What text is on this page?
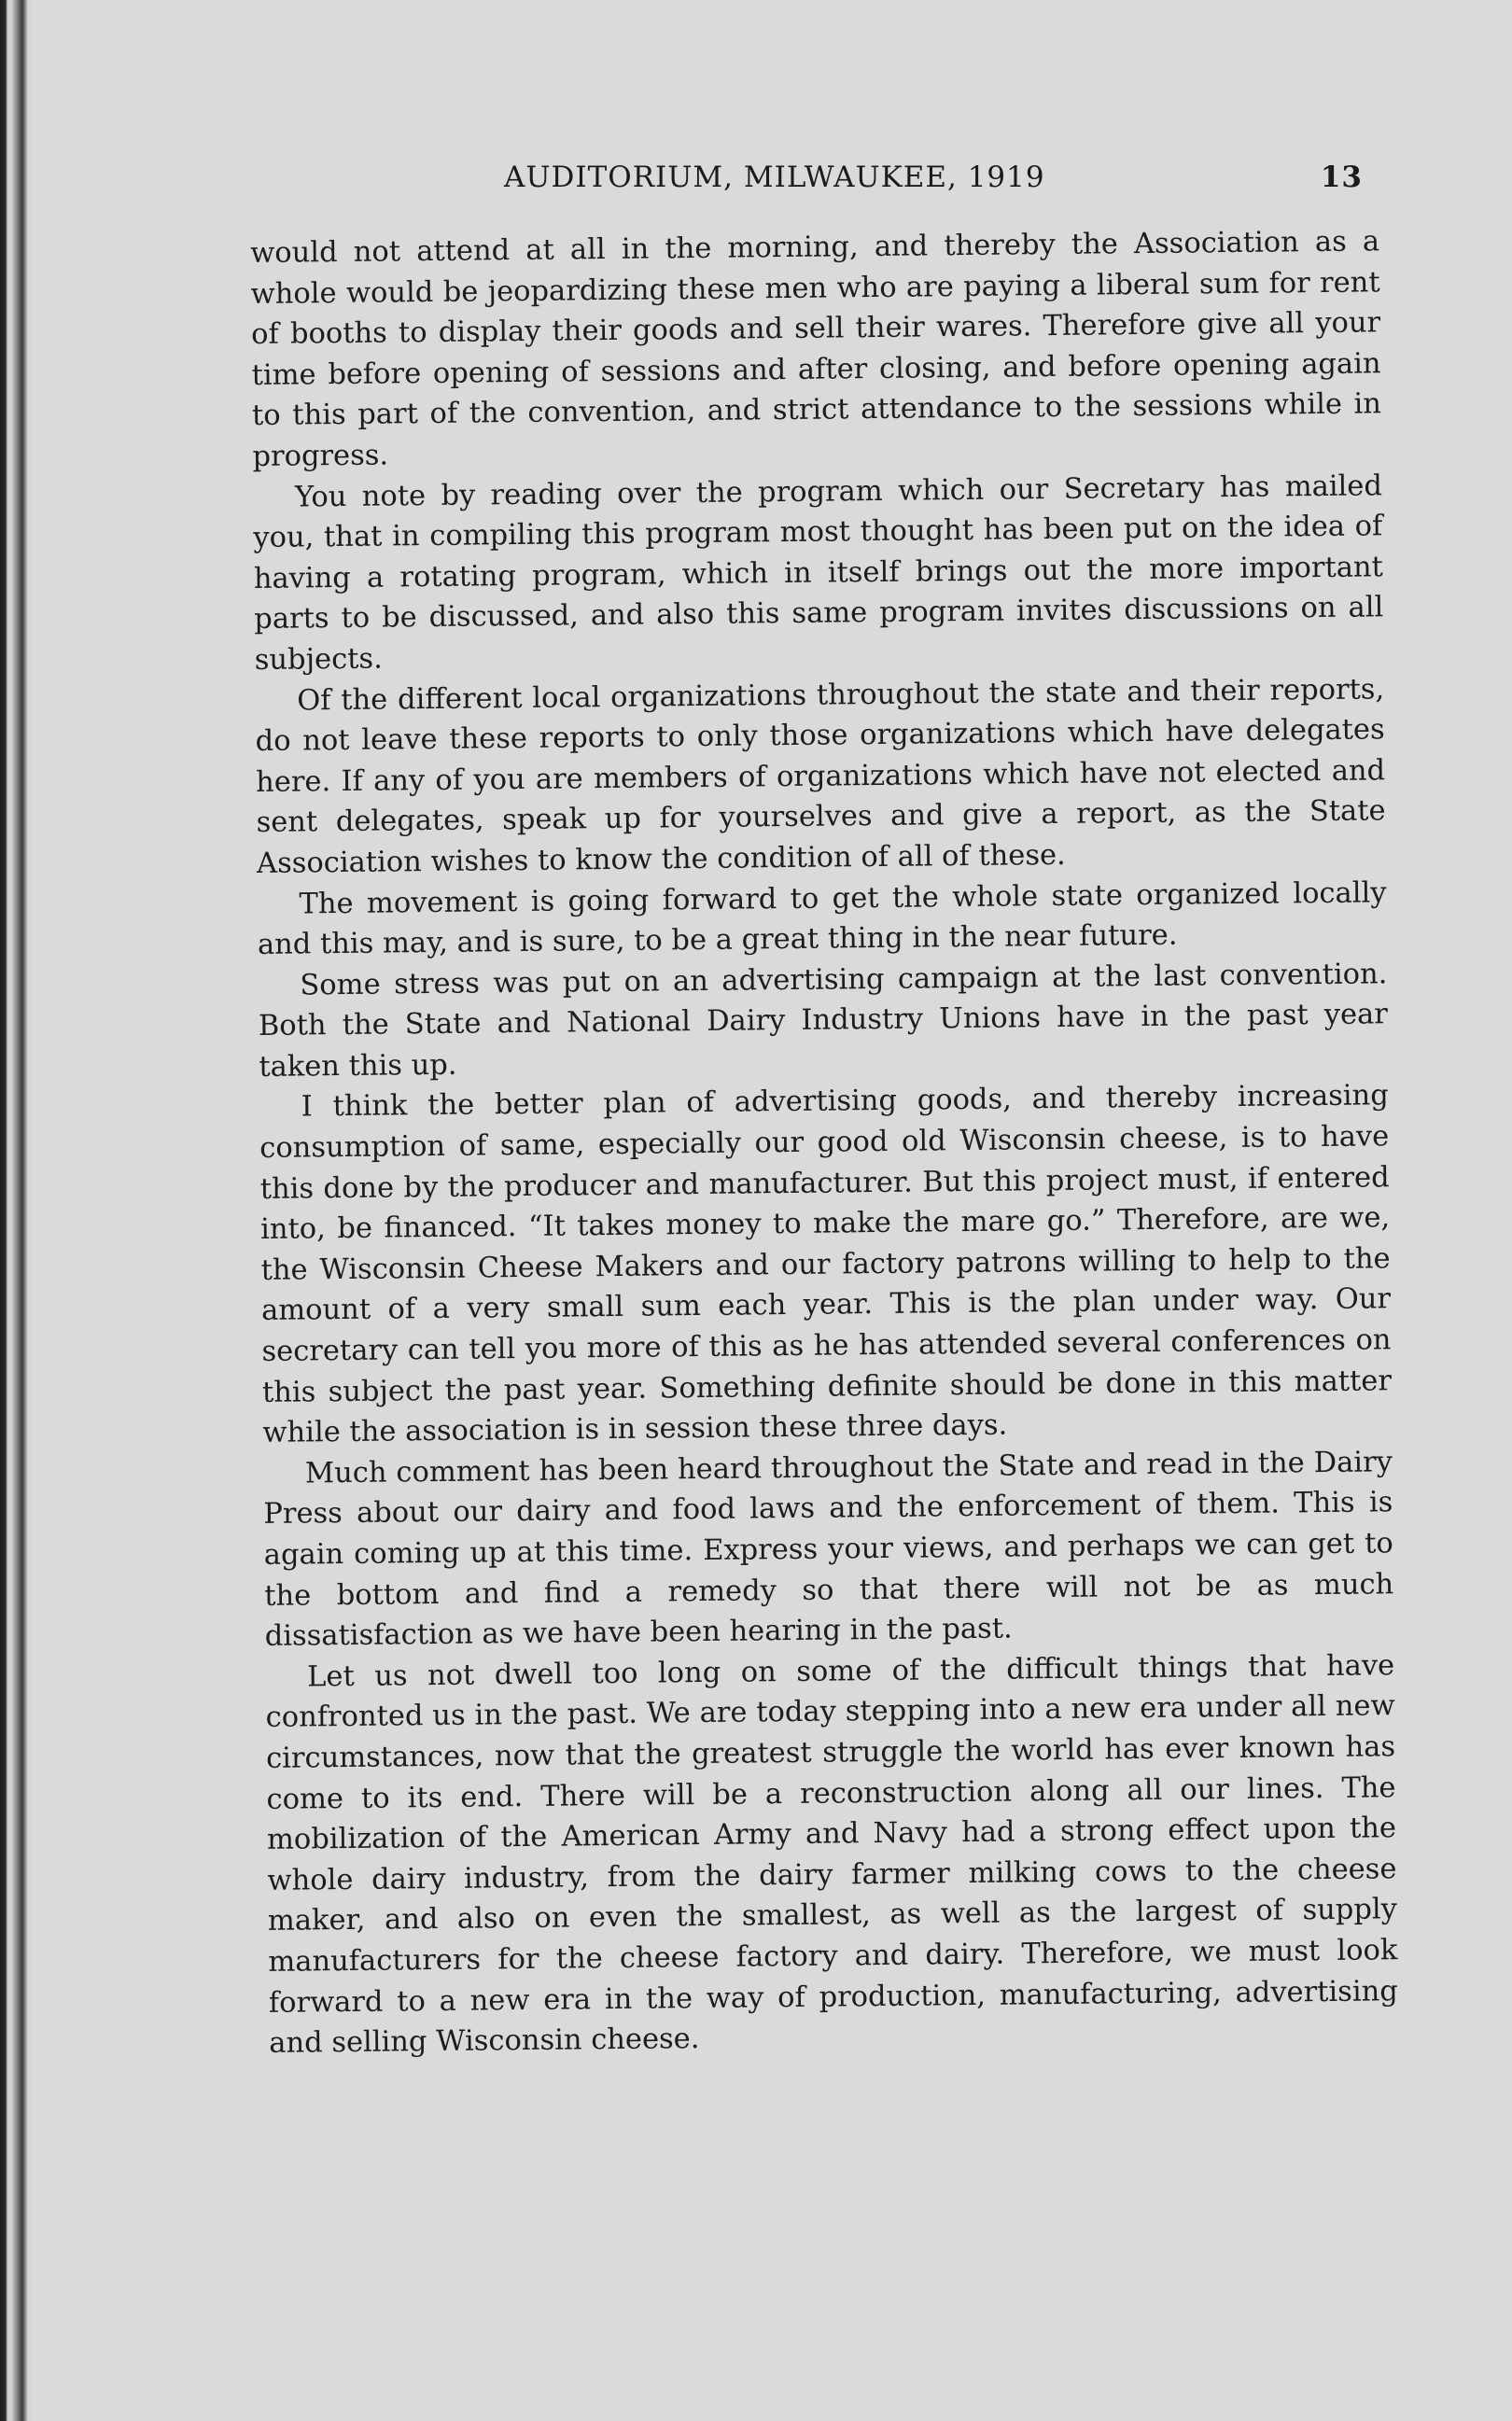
AUDITORIUM, MILWAUKEE, 1919	13

would not attend at all in the morning, and thereby the Association as a whole would be jeopardizing these men who are paying a liberal sum for rent of booths to display their goods and sell their wares. Therefore give all your time before opening of sessions and after closing, and before opening again to this part of the convention, and strict attendance to the sessions while in progress.

You note by reading over the program which our Secretary has mailed you, that in compiling this program most thought has been put on the idea of having a rotating program, which in itself brings out the more important parts to be discussed, and also this same program invites discussions on all subjects.

Of the different local organizations throughout the state and their reports, do not leave these reports to only those organizations which have delegates here. If any of you are members of organizations which have not elected and sent delegates, speak up for yourselves and give a report, as the State Association wishes to know the condition of all of these.

The movement is going forward to get the whole state organized locally and this may, and is sure, to be a great thing in the near future.

Some stress was put on an advertising campaign at the last convention. Both the State and National Dairy Industry Unions have in the past year taken this up.

I think the better plan of advertising goods, and thereby increasing consumption of same, especially our good old Wisconsin cheese, is to have this done by the producer and manufacturer. But this project must, if entered into, be financed. “It takes money to make the mare go.” Therefore, are we, the Wisconsin Cheese Makers and our factory patrons willing to help to the amount of a very small sum each year. This is the plan under way. Our secretary can tell you more of this as he has attended several conferences on this subject the past year. Something definite should be done in this matter while the association is in session these three days.

Much comment has been heard throughout the State and read in the Dairy Press about our dairy and food laws and the enforcement of them. This is again coming up at this time. Express your views, and perhaps we can get to the bottom and find a remedy so that there will not be as much dissatisfaction as we have been hearing in the past.

Let us not dwell too long on some of the difficult things that have confronted us in the past. We are today stepping into a new era under all new circumstances, now that the greatest struggle the world has ever known has come to its end. There will be a reconstruction along all our lines. The mobilization of the American Army and Navy had a strong effect upon the whole dairy industry, from the dairy farmer milking cows to the cheese maker, and also on even the smallest, as well as the largest of supply manufacturers for the cheese factory and dairy. Therefore, we must look forward to a new era in the way of production, manufacturing, advertising and selling Wisconsin cheese.
